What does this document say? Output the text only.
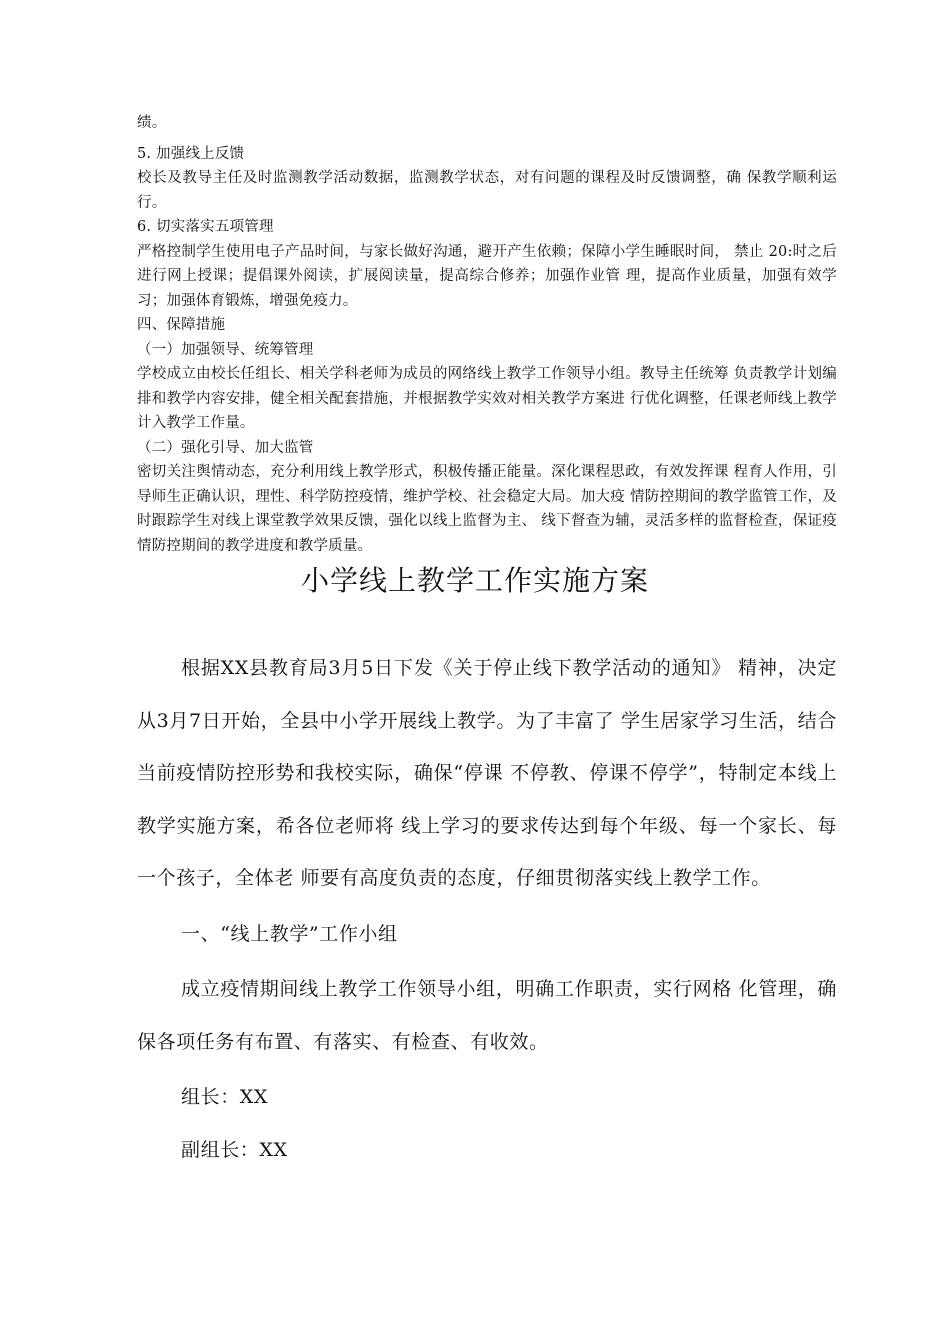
绩。

5. 加强线上反馈

校长及教导主任及时监测教学活动数据，监测教学状态，对有问题的课程及时反馈调整，确 保教学顺利运行。

6. 切实落实五项管理

严格控制学生使用电子产品时间，与家长做好沟通，避开产生依赖；保障小学生睡眠时间， 禁止 20:时之后进行网上授课；提倡课外阅读，扩展阅读量，提高综合修养；加强作业管 理，提高作业质量，加强有效学习；加强体育锻炼，增强免疫力。

四、保障措施

（一）加强领导、统筹管理

学校成立由校长任组长、相关学科老师为成员的网络线上教学工作领导小组。教导主任统筹 负责教学计划编排和教学内容安排，健全相关配套措施，并根据教学实效对相关教学方案进 行优化调整，任课老师线上教学计入教学工作量。

（二）强化引导、加大监管

密切关注舆情动态，充分利用线上教学形式，积极传播正能量。深化课程思政，有效发挥课 程育人作用，引导师生正确认识，理性、科学防控疫情，维护学校、社会稳定大局。加大疫 情防控期间的教学监管工作，及时跟踪学生对线上课堂教学效果反馈，强化以线上监督为主、 线下督查为辅，灵活多样的监督检查，保证疫情防控期间的教学进度和教学质量。

小学线上教学工作实施方案

根据XX县教育局3月5日下发《关于停止线下教学活动的通知》 精神，决定从3月7日开始，全县中小学开展线上教学。为了丰富了 学生居家学习生活，结合当前疫情防控形势和我校实际，确保“停课 不停教、停课不停学”，特制定本线上教学实施方案，希各位老师将 线上学习的要求传达到每个年级、每一个家长、每一个孩子，全体老 师要有高度负责的态度，仔细贯彻落实线上教学工作。

一、“线上教学”工作小组

成立疫情期间线上教学工作领导小组，明确工作职责，实行网格 化管理，确保各项任务有布置、有落实、有检查、有收效。

组长：XX

副组长：XX
